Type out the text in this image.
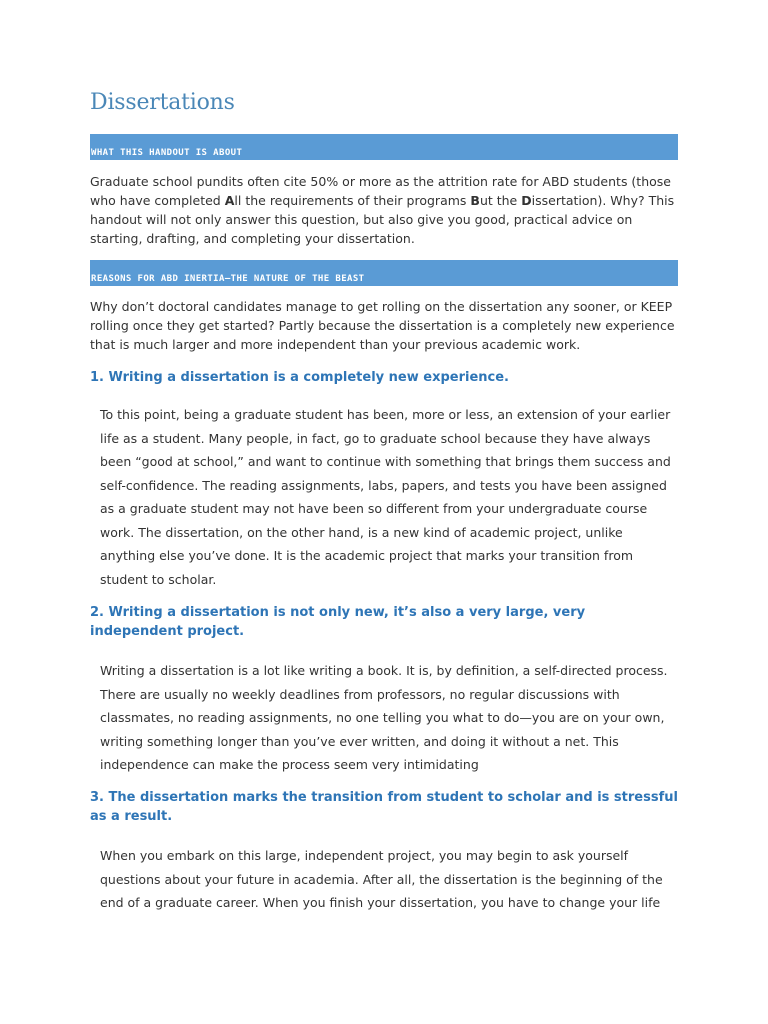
Dissertations
WHAT THIS HANDOUT IS ABOUT

Graduate school pundits often cite 50% or more as the attrition rate for ABD students (those who have completed All the requirements of their programs But the Dissertation). Why? This handout will not only answer this question, but also give you good, practical advice on starting, drafting, and completing your dissertation.

REASONS FOR ABD INERTIA—THE NATURE OF THE BEAST

Why don’t doctoral candidates manage to get rolling on the dissertation any sooner, or KEEP rolling once they get started? Partly because the dissertation is a completely new experience that is much larger and more independent than your previous academic work.

1. Writing a dissertation is a completely new experience.

To this point, being a graduate student has been, more or less, an extension of your earlier life as a student. Many people, in fact, go to graduate school because they have always been “good at school,” and want to continue with something that brings them success and self-confidence. The reading assignments, labs, papers, and tests you have been assigned as a graduate student may not have been so different from your undergraduate course work. The dissertation, on the other hand, is a new kind of academic project, unlike anything else you’ve done. It is the academic project that marks your transition from student to scholar.

2. Writing a dissertation is not only new, it’s also a very large, very independent project.

Writing a dissertation is a lot like writing a book. It is, by definition, a self-directed process. There are usually no weekly deadlines from professors, no regular discussions with classmates, no reading assignments, no one telling you what to do—you are on your own, writing something longer than you’ve ever written, and doing it without a net. This independence can make the process seem very intimidating

3. The dissertation marks the transition from student to scholar and is stressful as a result.

When you embark on this large, independent project, you may begin to ask yourself questions about your future in academia. After all, the dissertation is the beginning of the end of a graduate career. When you finish your dissertation, you have to change your life
